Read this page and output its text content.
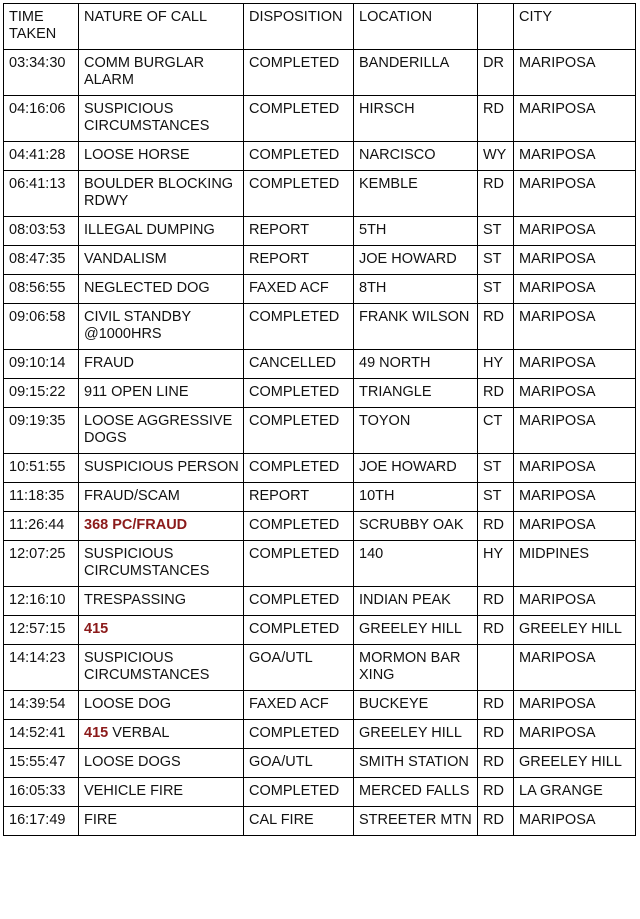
TIME TAKEN	NATURE OF CALL	DISPOSITION	LOCATION		CITY
03:34:30	COMM BURGLAR ALARM	COMPLETED	BANDERILLA	DR	MARIPOSA
04:16:06	SUSPICIOUS CIRCUMSTANCES	COMPLETED	HIRSCH	RD	MARIPOSA
04:41:28	LOOSE HORSE	COMPLETED	NARCISCO	WY	MARIPOSA
06:41:13	BOULDER BLOCKING RDWY	COMPLETED	KEMBLE	RD	MARIPOSA
08:03:53	ILLEGAL DUMPING	REPORT	5TH	ST	MARIPOSA
08:47:35	VANDALISM	REPORT	JOE HOWARD	ST	MARIPOSA
08:56:55	NEGLECTED DOG	FAXED ACF	8TH	ST	MARIPOSA
09:06:58	CIVIL STANDBY @1000HRS	COMPLETED	FRANK WILSON	RD	MARIPOSA
09:10:14	FRAUD	CANCELLED	49 NORTH	HY	MARIPOSA
09:15:22	911 OPEN LINE	COMPLETED	TRIANGLE	RD	MARIPOSA
09:19:35	LOOSE AGGRESSIVE DOGS	COMPLETED	TOYON	CT	MARIPOSA
10:51:55	SUSPICIOUS PERSON	COMPLETED	JOE HOWARD	ST	MARIPOSA
11:18:35	FRAUD/SCAM	REPORT	10TH	ST	MARIPOSA
11:26:44	368 PC/FRAUD	COMPLETED	SCRUBBY OAK	RD	MARIPOSA
12:07:25	SUSPICIOUS CIRCUMSTANCES	COMPLETED	140	HY	MIDPINES
12:16:10	TRESPASSING	COMPLETED	INDIAN PEAK	RD	MARIPOSA
12:57:15	415	COMPLETED	GREELEY HILL	RD	GREELEY HILL
14:14:23	SUSPICIOUS CIRCUMSTANCES	GOA/UTL	MORMON BAR XING		MARIPOSA
14:39:54	LOOSE DOG	FAXED ACF	BUCKEYE	RD	MARIPOSA
14:52:41	415 VERBAL	COMPLETED	GREELEY HILL	RD	MARIPOSA
15:55:47	LOOSE DOGS	GOA/UTL	SMITH STATION	RD	GREELEY HILL
16:05:33	VEHICLE FIRE	COMPLETED	MERCED FALLS	RD	LA GRANGE
16:17:49	FIRE	CAL FIRE	STREETER MTN	RD	MARIPOSA
